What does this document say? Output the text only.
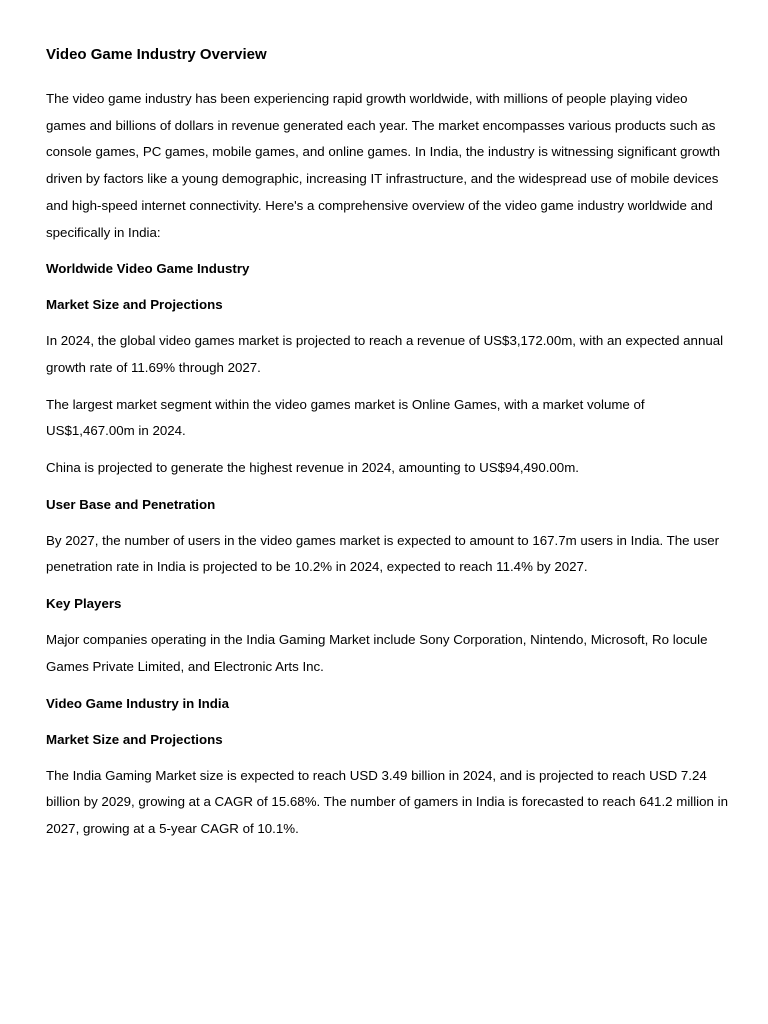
Video Game Industry Overview

The video game industry has been experiencing rapid growth worldwide, with millions of people playing video games and billions of dollars in revenue generated each year. The market encompasses various products such as console games, PC games, mobile games, and online games. In India, the industry is witnessing significant growth driven by factors like a young demographic, increasing IT infrastructure, and the widespread use of mobile devices and high-speed internet connectivity. Here's a comprehensive overview of the video game industry worldwide and specifically in India:

Worldwide Video Game Industry
Market Size and Projections

In 2024, the global video games market is projected to reach a revenue of US$3,172.00m, with an expected annual growth rate of 11.69% through 2027.

The largest market segment within the video games market is Online Games, with a market volume of US$1,467.00m in 2024.

China is projected to generate the highest revenue in 2024, amounting to US$94,490.00m.

User Base and Penetration

By 2027, the number of users in the video games market is expected to amount to 167.7m users in India. The user penetration rate in India is projected to be 10.2% in 2024, expected to reach 11.4% by 2027.

Key Players

Major companies operating in the India Gaming Market include Sony Corporation, Nintendo, Microsoft, Ro locule Games Private Limited, and Electronic Arts Inc.

Video Game Industry in India
Market Size and Projections

The India Gaming Market size is expected to reach USD 3.49 billion in 2024, and is projected to reach USD 7.24 billion by 2029, growing at a CAGR of 15.68%. The number of gamers in India is forecasted to reach 641.2 million in 2027, growing at a 5-year CAGR of 10.1%.
